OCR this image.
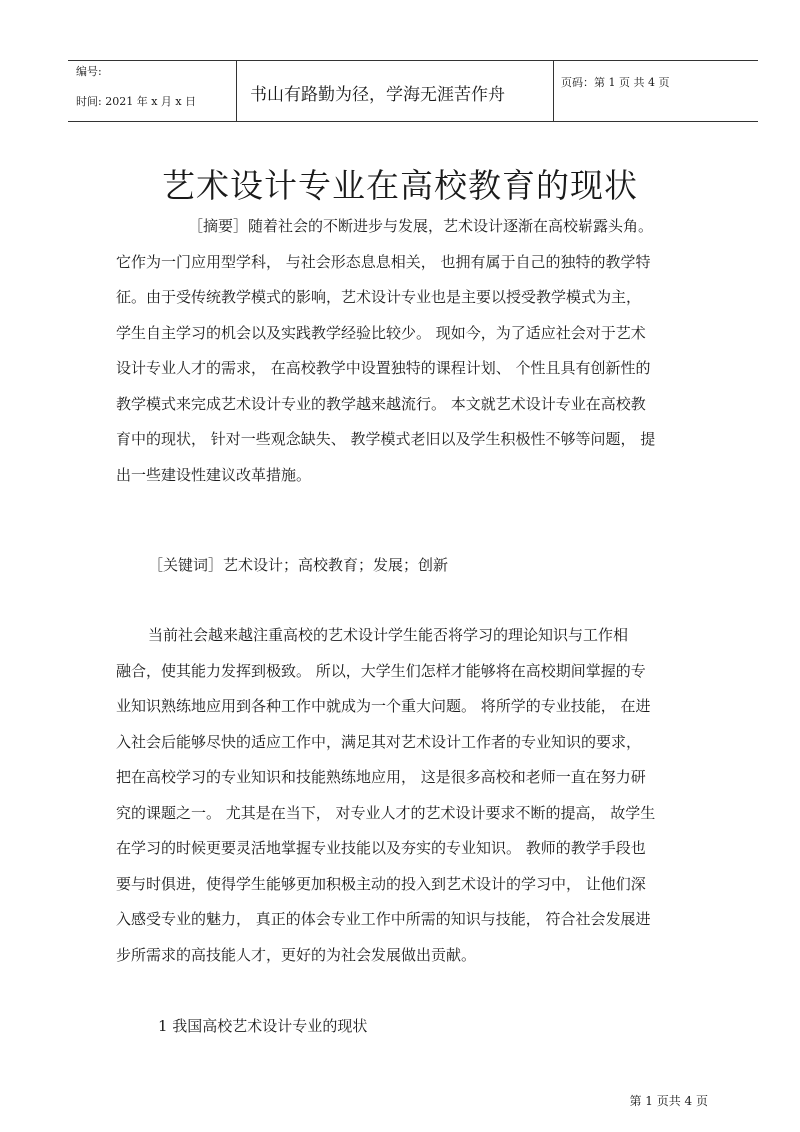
编号:
时间: 2021 年 x 月 x 日	书山有路勤为径，学海无涯苦作舟
页码：第 1 页 共 4 页
艺术设计专业在高校教育的现状

［摘要］随着社会的不断进步与发展，艺术设计逐渐在高校崭露头角。

它作为一门应用型学科， 与社会形态息息相关， 也拥有属于自己的独特的教学特

征。由于受传统教学模式的影响，艺术设计专业也是主要以授受教学模式为主，

学生自主学习的机会以及实践教学经验比较少。 现如今，为了适应社会对于艺术

设计专业人才的需求， 在高校教学中设置独特的课程计划、 个性且具有创新性的

教学模式来完成艺术设计专业的教学越来越流行。 本文就艺术设计专业在高校教

育中的现状， 针对一些观念缺失、 教学模式老旧以及学生积极性不够等问题， 提

出一些建设性建议改革措施。

［关键词］艺术设计；高校教育；发展；创新

当前社会越来越注重高校的艺术设计学生能否将学习的理论知识与工作相

融合，使其能力发挥到极致。 所以，大学生们怎样才能够将在高校期间掌握的专

业知识熟练地应用到各种工作中就成为一个重大问题。 将所学的专业技能， 在进

入社会后能够尽快的适应工作中，满足其对艺术设计工作者的专业知识的要求，

把在高校学习的专业知识和技能熟练地应用， 这是很多高校和老师一直在努力研

究的课题之一。 尤其是在当下， 对专业人才的艺术设计要求不断的提高， 故学生

在学习的时候更要灵活地掌握专业技能以及夯实的专业知识。 教师的教学手段也

要与时俱进，使得学生能够更加积极主动的投入到艺术设计的学习中， 让他们深

入感受专业的魅力， 真正的体会专业工作中所需的知识与技能， 符合社会发展进

步所需求的高技能人才，更好的为社会发展做出贡献。

1 我国高校艺术设计专业的现状
第 1 页共 4 页
